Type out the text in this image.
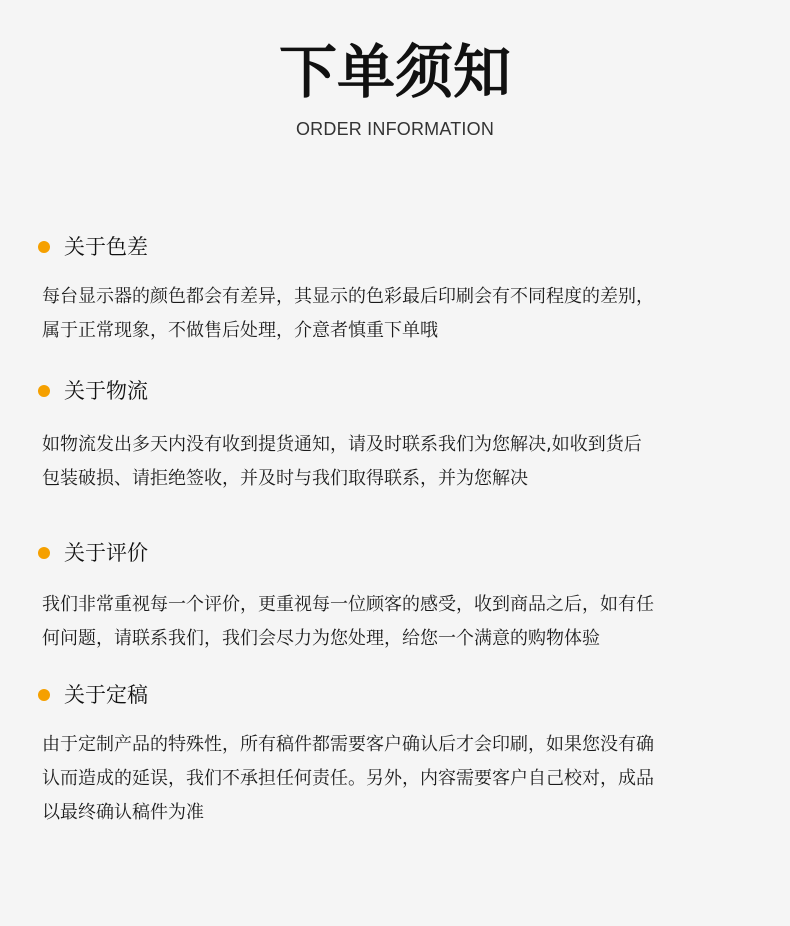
下单须知
ORDER INFORMATION
关于色差
每台显示器的颜色都会有差异，其显示的色彩最后印刷会有不同程度的差别，
属于正常现象，不做售后处理，介意者慎重下单哦
关于物流
如物流发出多天内没有收到提货通知，请及时联系我们为您解决,如收到货后
包装破损、请拒绝签收，并及时与我们取得联系，并为您解决
关于评价
我们非常重视每一个评价，更重视每一位顾客的感受，收到商品之后，如有任
何问题，请联系我们，我们会尽力为您处理，给您一个满意的购物体验
关于定稿
由于定制产品的特殊性，所有稿件都需要客户确认后才会印刷，如果您没有确
认而造成的延误，我们不承担任何责任。另外，内容需要客户自己校对，成品
以最终确认稿件为准
